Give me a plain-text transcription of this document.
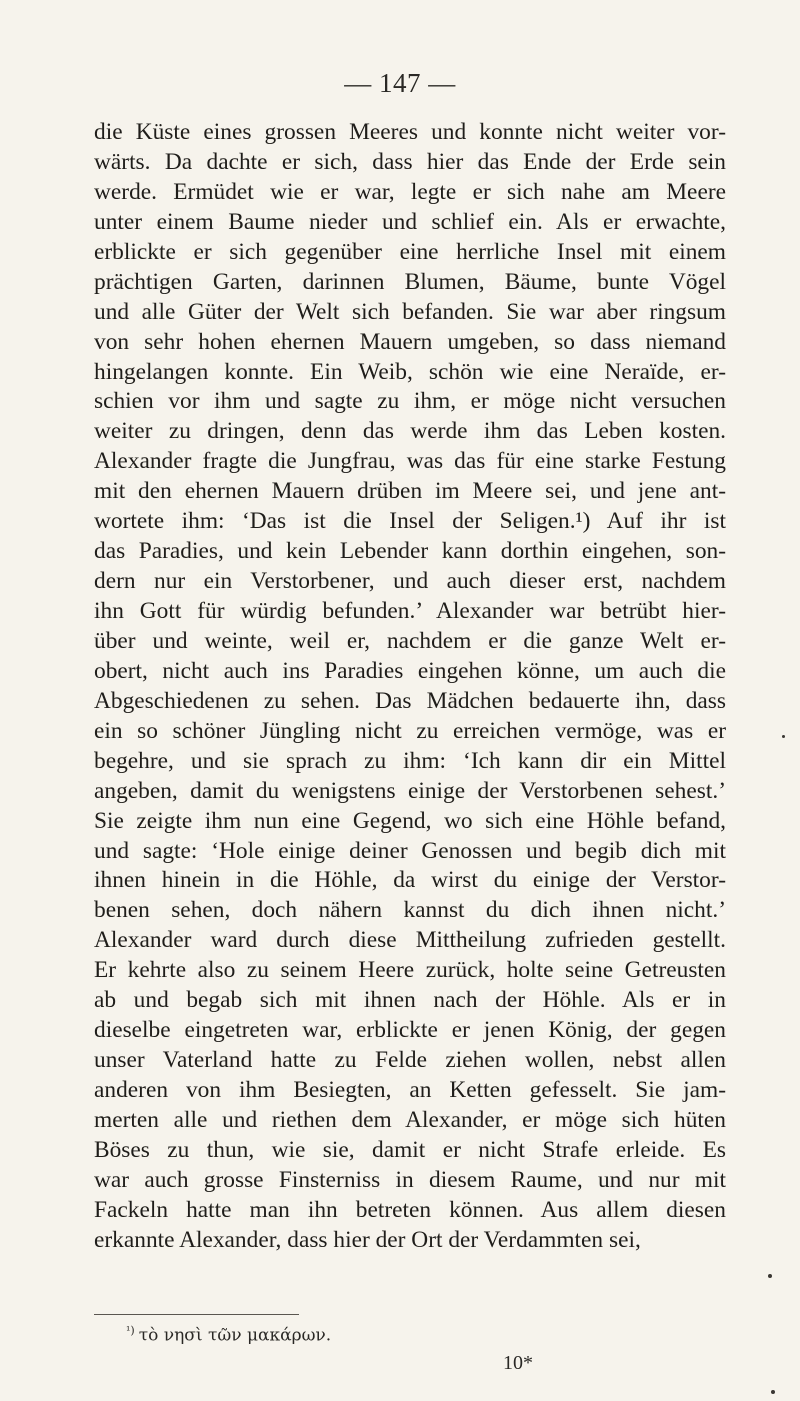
— 147 —
die Küste eines grossen Meeres und konnte nicht weiter vor-
wärts. Da dachte er sich, dass hier das Ende der Erde sein
werde. Ermüdet wie er war, legte er sich nahe am Meere
unter einem Baume nieder und schlief ein. Als er erwachte,
erblickte er sich gegenüber eine herrliche Insel mit einem
prächtigen Garten, darinnen Blumen, Bäume, bunte Vögel
und alle Güter der Welt sich befanden. Sie war aber ringsum
von sehr hohen ehernen Mauern umgeben, so dass niemand
hingelangen konnte. Ein Weib, schön wie eine Neraïde, er-
schien vor ihm und sagte zu ihm, er möge nicht versuchen
weiter zu dringen, denn das werde ihm das Leben kosten.
Alexander fragte die Jungfrau, was das für eine starke Festung
mit den ehernen Mauern drüben im Meere sei, und jene ant-
wortete ihm: ‘Das ist die Insel der Seligen.¹) Auf ihr ist
das Paradies, und kein Lebender kann dorthin eingehen, son-
dern nur ein Verstorbener, und auch dieser erst, nachdem
ihn Gott für würdig befunden.’ Alexander war betrübt hier-
über und weinte, weil er, nachdem er die ganze Welt er-
obert, nicht auch ins Paradies eingehen könne, um auch die
Abgeschiedenen zu sehen. Das Mädchen bedauerte ihn, dass
ein so schöner Jüngling nicht zu erreichen vermöge, was er
begehre, und sie sprach zu ihm: ‘Ich kann dir ein Mittel
angeben, damit du wenigstens einige der Verstorbenen sehest.’
Sie zeigte ihm nun eine Gegend, wo sich eine Höhle befand,
und sagte: ‘Hole einige deiner Genossen und begib dich mit
ihnen hinein in die Höhle, da wirst du einige der Verstor-
benen sehen, doch nähern kannst du dich ihnen nicht.’
Alexander ward durch diese Mittheilung zufrieden gestellt.
Er kehrte also zu seinem Heere zurück, holte seine Getreusten
ab und begab sich mit ihnen nach der Höhle. Als er in
dieselbe eingetreten war, erblickte er jenen König, der gegen
unser Vaterland hatte zu Felde ziehen wollen, nebst allen
anderen von ihm Besiegten, an Ketten gefesselt. Sie jam-
merten alle und riethen dem Alexander, er möge sich hüten
Böses zu thun, wie sie, damit er nicht Strafe erleide. Es
war auch grosse Finsterniss in diesem Raume, und nur mit
Fackeln hatte man ihn betreten können. Aus allem diesen
erkannte Alexander, dass hier der Ort der Verdammten sei,
$^{^1)}$ τὸ νησὶ τῶν μακάρων.
10*
